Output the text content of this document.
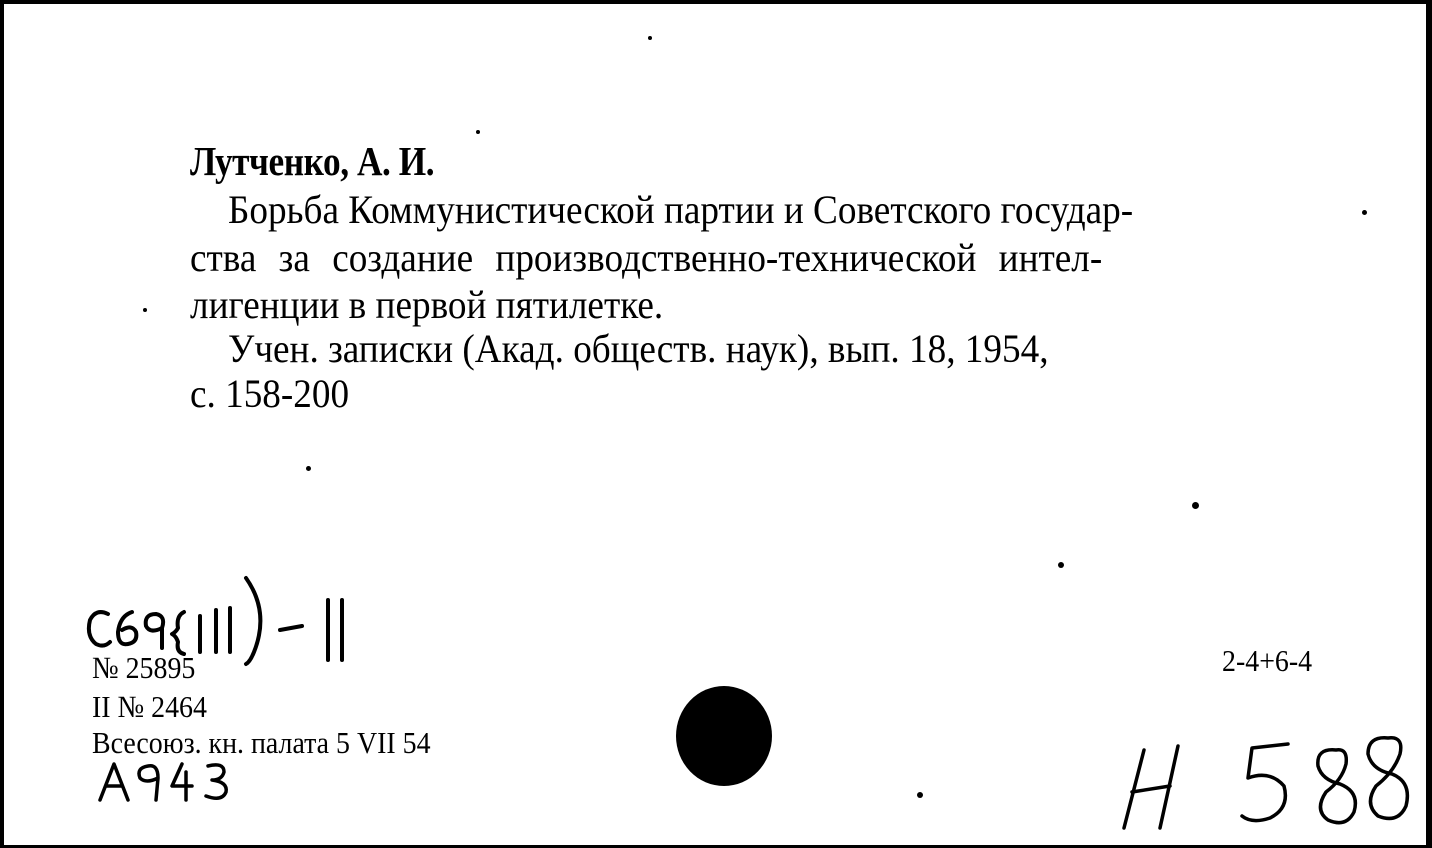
Лутченко, А. И.
Борьба Коммунистической партии и Советского государ-
ства за создание производственно-технической интел-
лигенции в первой пятилетке.
Учен. записки (Акад. обществ. наук), вып. 18, 1954,
с. 158-200
№ 25895
II № 2464
Всесоюз. кн. палата 5 VII 54
2-4+6-4
